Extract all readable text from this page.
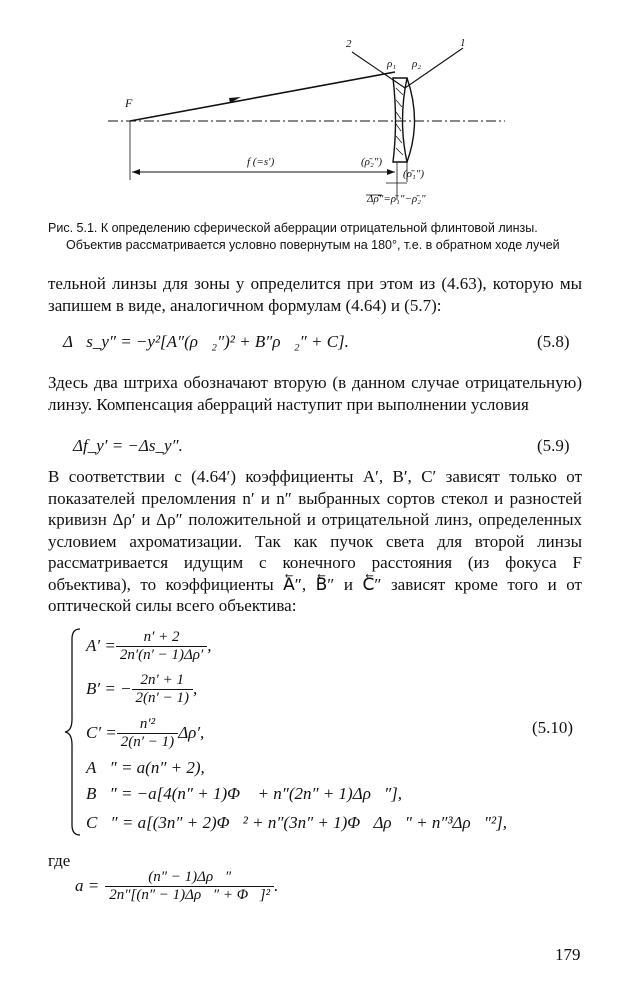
F
2	1
ρ₁ ρ₂
f (=s′)	(ρ̄₂″)
(ρ̄₁″)
Δρ̄″=ρ̄₁″−ρ̄₂″
Рис. 5.1. К определению сферической аберрации отрицательной флинтовой линзы.
Объектив рассматривается условно повернутым на 180°, т.е. в обратном ходе лучей
тельной линзы для зоны y определится при этом из (4.63), которую мы запишем в виде, аналогичном формулам (4.64) и (5.7):
Δ⃖s_y″ = −y²[A″(ρ⃖₂″)² + B″ρ⃖₂″ + C].	(5.8)
Здесь два штриха обозначают вторую (в данном случае отрицательную) линзу. Компенсация аберраций наступит при выполнении условия
Δf_y′ = −Δs_y″.	(5.9)
В соответствии с (4.64′) коэффициенты A′, B′, C′ зависят только от показателей преломления n′ и n″ выбранных сортов стекол и разностей кривизн Δρ′ и Δρ″ положительной и отрицательной линз, определенных условием ахроматизации. Так как пучок света для второй линзы рассматривается идущим с конечного расстояния (из фокуса F объектива), то коэффициенты A⃖″, B⃖″ и C⃖″ зависят кроме того и от оптической силы всего объектива:
$A' = \frac{n' + 2}{2n'(n' - 1)\Delta\rho'}$ ,
B′ = − $\frac{2n' + 1}{2(n' - 1)}$ ,
$C' = \frac{\text{n′²}}{2(n' - 1)} \Delta\rho'$,
A⃖″ = a(n″ + 2),
B⃖″ = −a[4(n″ + 1)Φ⃖ + n″(2n″ + 1)Δρ⃖″],
C⃖″ = a[(3n″ + 2)Φ⃖² + n″(3n″ + 1)Φ⃖Δρ⃖″ + n″³Δρ⃖″²],
(5.10)
где
$a = \frac{(n'' - 1)\Delta\rho⃖''}{\text{2n″[(n″ − 1)Δρ⃖″ + Φ⃖]²}}$ .
179
